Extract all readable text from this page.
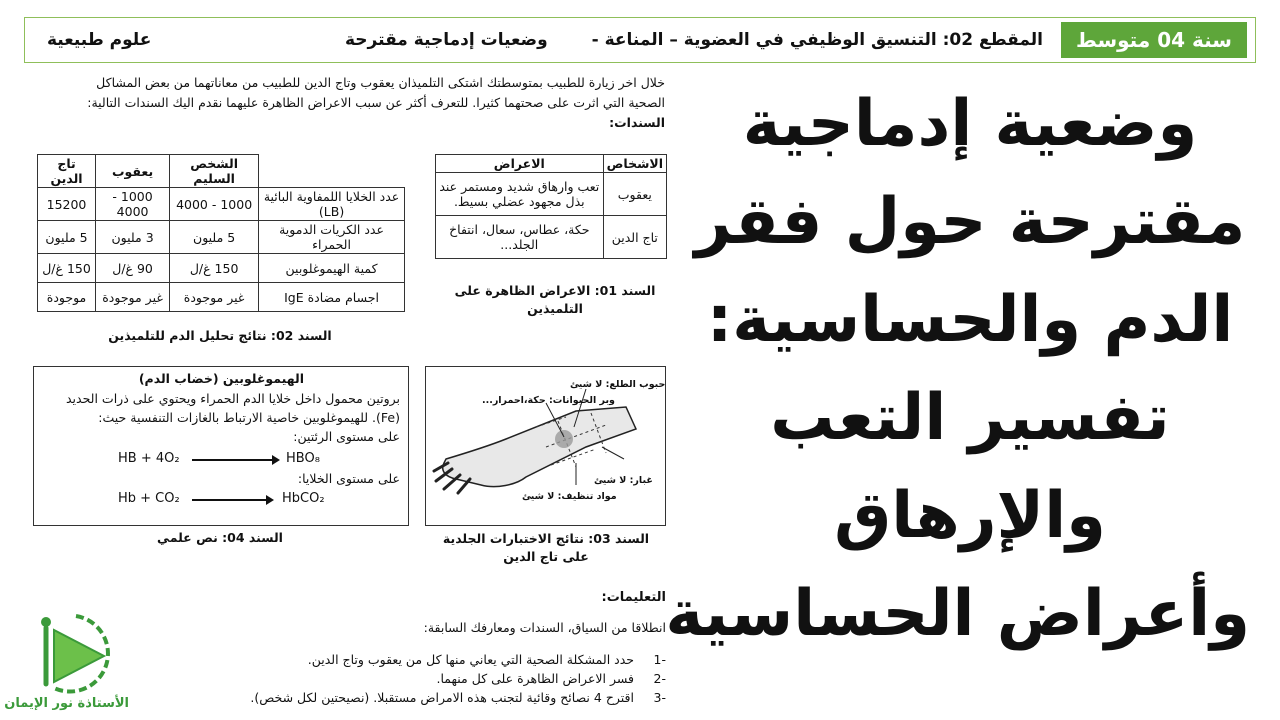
سنة 04 متوسط
المقطع 02: التنسيق الوظيفي في العضوية – المناعة -
وضعيات إدماجية مقترحة
علوم طبيعية
خلال اخر زيارة للطبيب بمتوسطتك اشتكى التلميذان يعقوب وتاج الدين للطبيب من معاناتهما من بعض المشاكل
الصحية التي اثرت على صحتهما كثيرا. للتعرف أكثر عن سبب الاعراض الظاهرة عليهما نقدم اليك السندات التالية:
السندات:
الاشخاص	الاعراض
يعقوب	تعب وارهاق شديد ومستمر عند بذل مجهود عضلي بسيط.
تاج الدين	حكة، عطاس، سعال، انتفاخ الجلد...
السند 01: الاعراض الظاهرة على التلميذين
	الشخص السليم	يعقوب	تاج الدين
عدد الخلايا اللمفاوية البائية (LB)	1000 - 4000	1000 - 4000	15200
عدد الكريات الدموية الحمراء	5 مليون	3 مليون	5 مليون
كمية الهيموغلوبين	150 غ/ل	90 غ/ل	150 غ/ل
اجسام مضادة IgE	غير موجودة	غير موجودة	موجودة
السند 02: نتائج تحليل الدم للتلميذين
الهيموغلوبين (خضاب الدم)
بروتين محمول داخل خلايا الدم الحمراء ويحتوي على ذرات الحديد
(Fe). للهيموغلوبين خاصية الارتباط بالغازات التنفسية حيث:
على مستوى الرئتين:
HB + 4O₂	HBO₈
على مستوى الخلايا:
Hb + CO₂	HbCO₂
السند 04: نص علمي
حبوب الطلع: لا شيئ
وبر الحيوانات: حكة،احمرار...
غبار: لا شيئ
مواد تنظيف: لا شيئ
السند 03: نتائج الاختبارات الجلدية على تاج الدين
التعليمات:
انطلاقا من السياق، السندات ومعارفك السابقة:
-1 حدد المشكلة الصحية التي يعاني منها كل من يعقوب وتاج الدين.
-2 فسر الاعراض الظاهرة على كل منهما.
-3 اقترح 4 نصائح وقائية لتجنب هذه الامراض مستقبلا. (نصيحتين لكل شخص).
وضعية إدماجية
مقترحة حول فقر
الدم والحساسية:
تفسير التعب
والإرهاق
وأعراض الحساسية
الأستاذة نور الإيمان
